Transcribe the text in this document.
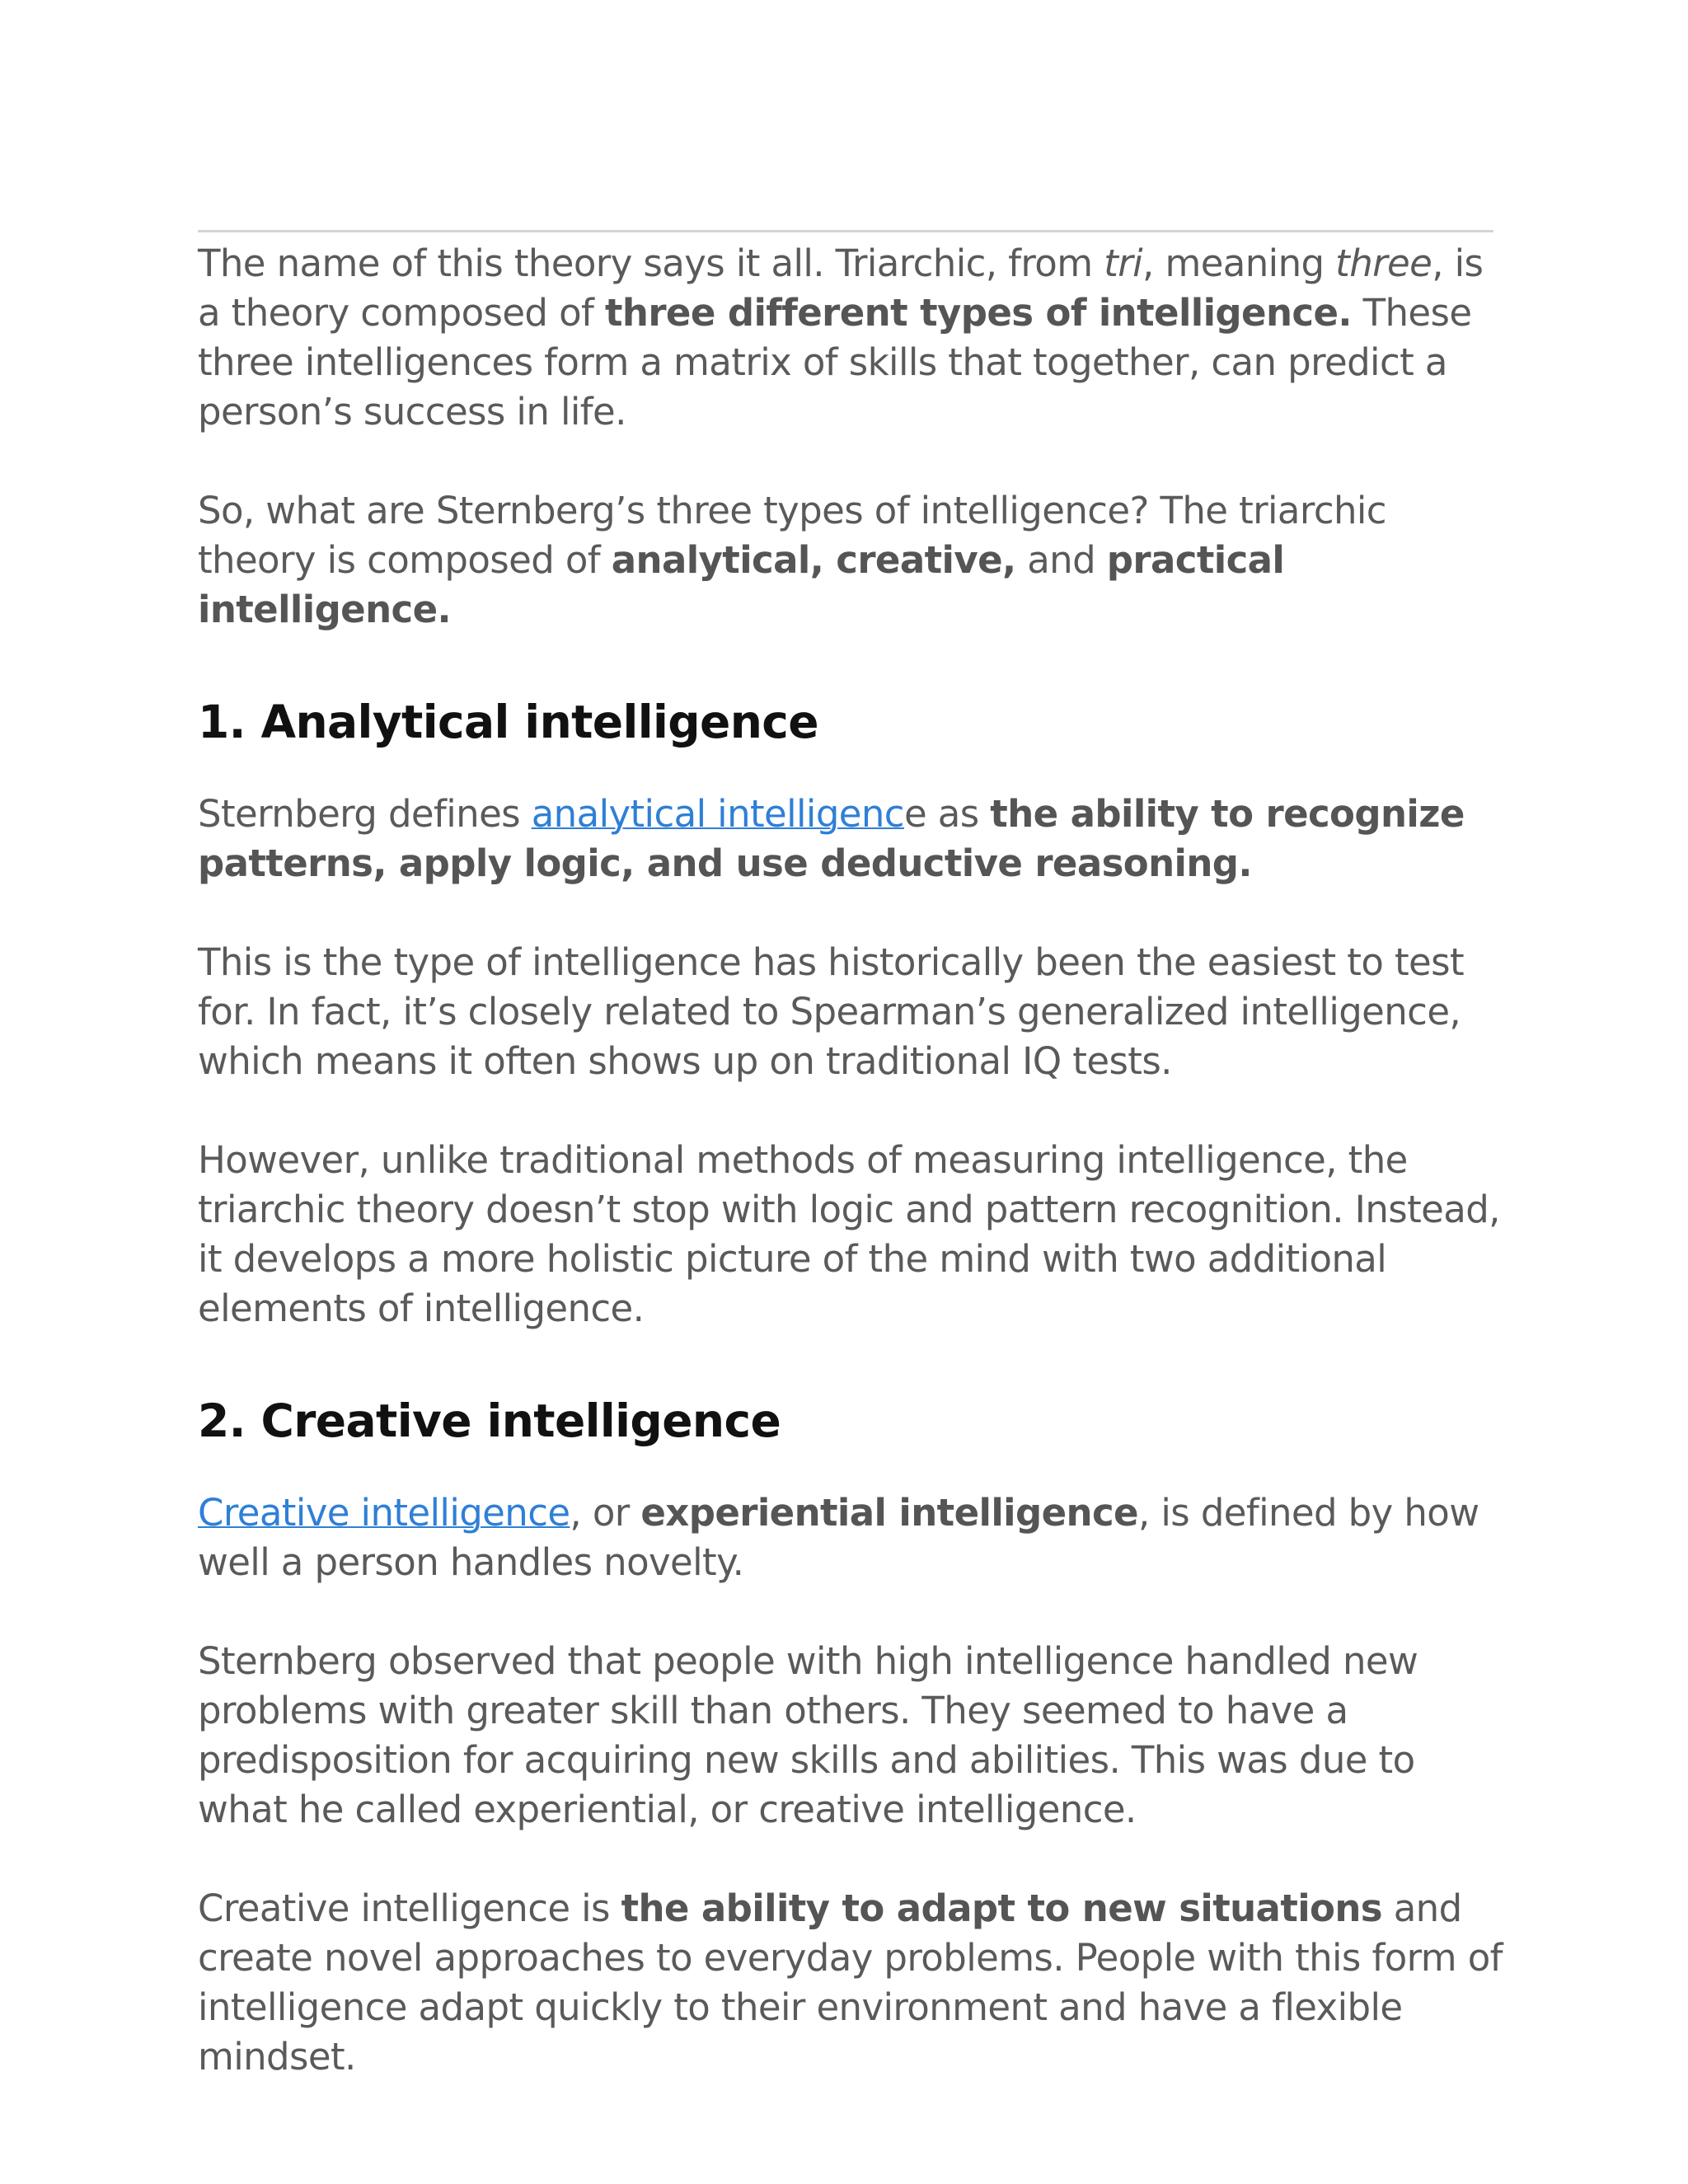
The name of this theory says it all. Triarchic, from tri, meaning three, is a theory composed of three different types of intelligence. These three intelligences form a matrix of skills that together, can predict a person’s success in life.

So, what are Sternberg’s three types of intelligence? The triarchic theory is composed of analytical, creative, and practical intelligence.

1. Analytical intelligence

Sternberg defines analytical intelligence as the ability to recognize patterns, apply logic, and use deductive reasoning.

This is the type of intelligence has historically been the easiest to test for. In fact, it’s closely related to Spearman’s generalized intelligence, which means it often shows up on traditional IQ tests.

However, unlike traditional methods of measuring intelligence, the triarchic theory doesn’t stop with logic and pattern recognition. Instead, it develops a more holistic picture of the mind with two additional elements of intelligence.

2. Creative intelligence

Creative intelligence, or experiential intelligence, is defined by how well a person handles novelty.

Sternberg observed that people with high intelligence handled new problems with greater skill than others. They seemed to have a predisposition for acquiring new skills and abilities. This was due to what he called experiential, or creative intelligence.

Creative intelligence is the ability to adapt to new situations and create novel approaches to everyday problems. People with this form of intelligence adapt quickly to their environment and have a flexible mindset.
